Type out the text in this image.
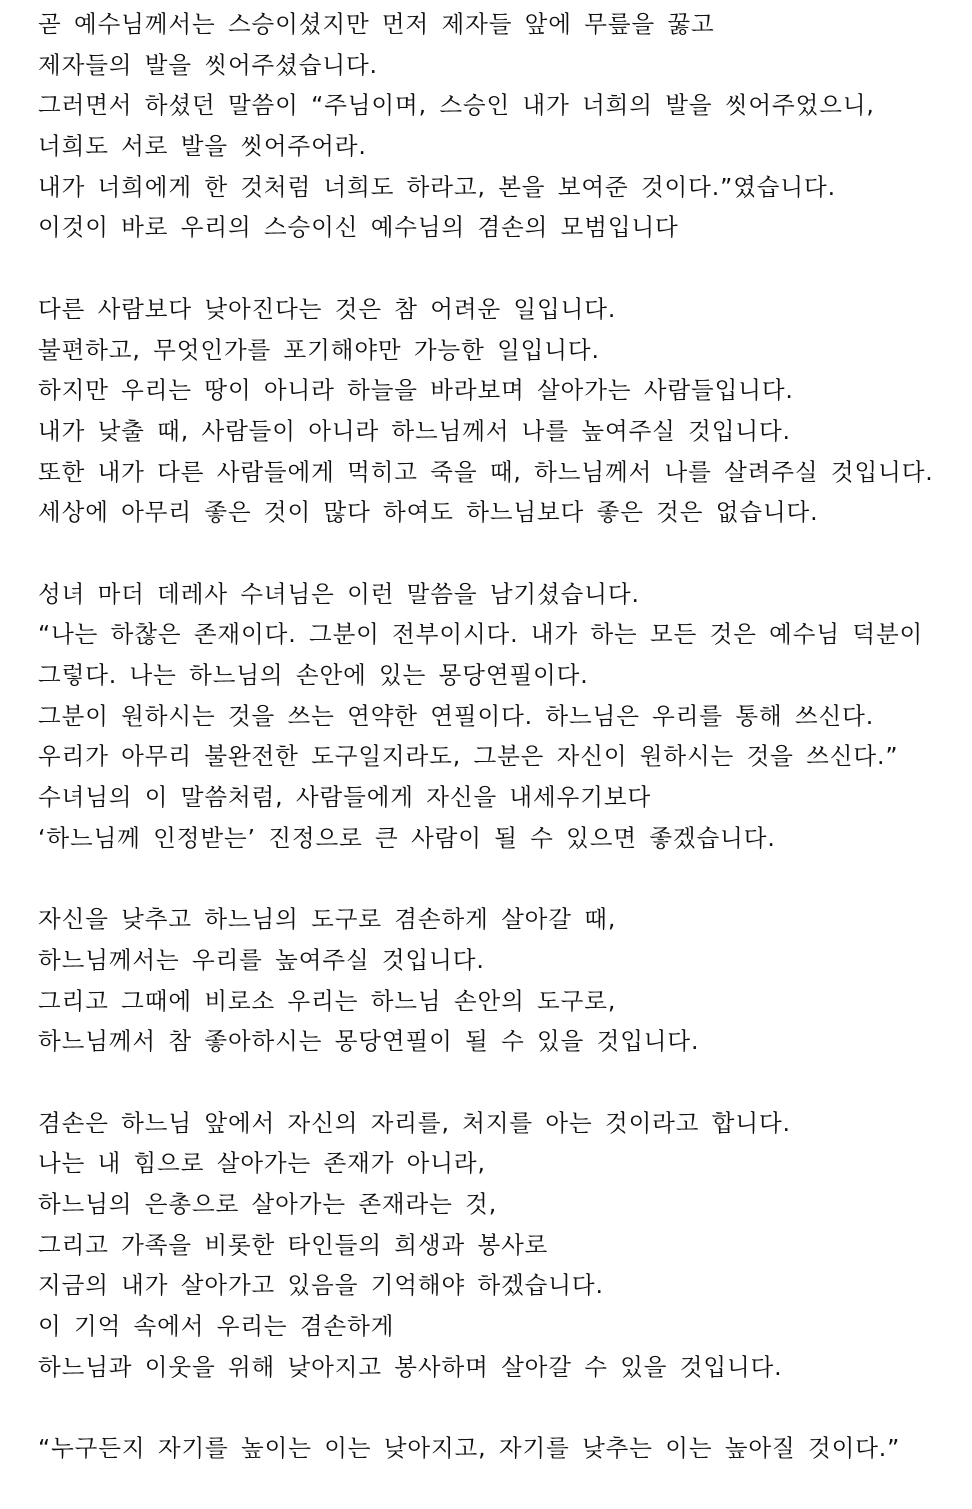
곧 예수님께서는 스승이셨지만 먼저 제자들 앞에 무릎을 꿇고
제자들의 발을 씻어주셨습니다.
그러면서 하셨던 말씀이 “주님이며, 스승인 내가 너희의 발을 씻어주었으니,
너희도 서로 발을 씻어주어라.
내가 너희에게 한 것처럼 너희도 하라고, 본을 보여준 것이다.”였습니다.
이것이 바로 우리의 스승이신 예수님의 겸손의 모범입니다
다른 사람보다 낮아진다는 것은 참 어려운 일입니다.
불편하고, 무엇인가를 포기해야만 가능한 일입니다.
하지만 우리는 땅이 아니라 하늘을 바라보며 살아가는 사람들입니다.
내가 낮출 때, 사람들이 아니라 하느님께서 나를 높여주실 것입니다.
또한 내가 다른 사람들에게 먹히고 죽을 때, 하느님께서 나를 살려주실 것입니다.
세상에 아무리 좋은 것이 많다 하여도 하느님보다 좋은 것은 없습니다.
성녀 마더 데레사 수녀님은 이런 말씀을 남기셨습니다.
“나는 하찮은 존재이다. 그분이 전부이시다. 내가 하는 모든 것은 예수님 덕분이
그렇다. 나는 하느님의 손안에 있는 몽당연필이다.
그분이 원하시는 것을 쓰는 연약한 연필이다. 하느님은 우리를 통해 쓰신다.
우리가 아무리 불완전한 도구일지라도, 그분은 자신이 원하시는 것을 쓰신다.”
수녀님의 이 말씀처럼, 사람들에게 자신을 내세우기보다
‘하느님께 인정받는’ 진정으로 큰 사람이 될 수 있으면 좋겠습니다.
자신을 낮추고 하느님의 도구로 겸손하게 살아갈 때,
하느님께서는 우리를 높여주실 것입니다.
그리고 그때에 비로소 우리는 하느님 손안의 도구로,
하느님께서 참 좋아하시는 몽당연필이 될 수 있을 것입니다.
겸손은 하느님 앞에서 자신의 자리를, 처지를 아는 것이라고 합니다.
나는 내 힘으로 살아가는 존재가 아니라,
하느님의 은총으로 살아가는 존재라는 것,
그리고 가족을 비롯한 타인들의 희생과 봉사로
지금의 내가 살아가고 있음을 기억해야 하겠습니다.
이 기억 속에서 우리는 겸손하게
하느님과 이웃을 위해 낮아지고 봉사하며 살아갈 수 있을 것입니다.
“누구든지 자기를 높이는 이는 낮아지고, 자기를 낮추는 이는 높아질 것이다.”
